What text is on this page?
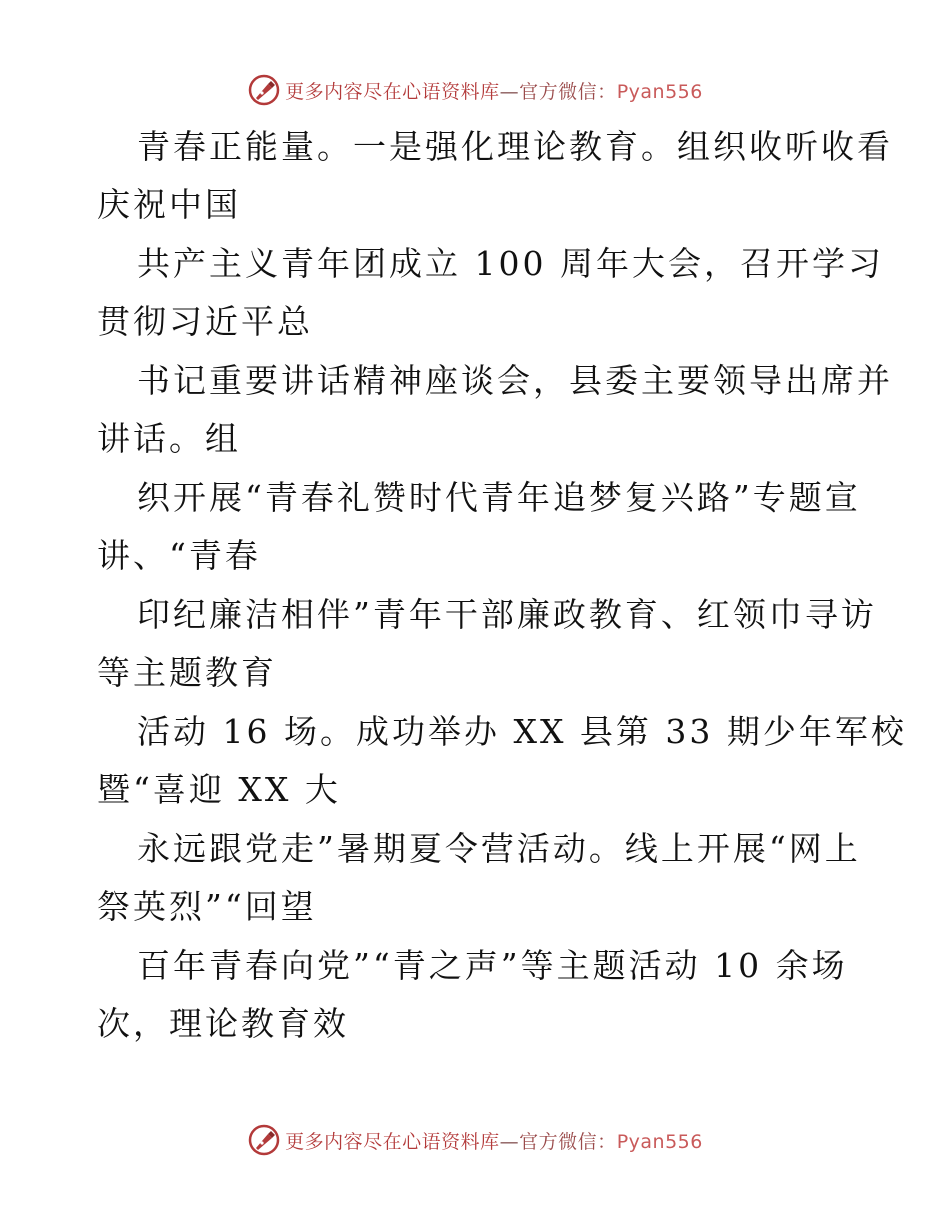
更多内容尽在心语资料库—官方微信：Pyan556
青春正能量。一是强化理论教育。组织收听收看
庆祝中国
共产主义青年团成立 100 周年大会，召开学习
贯彻习近平总
书记重要讲话精神座谈会，县委主要领导出席并
讲话。组
织开展“青春礼赞时代青年追梦复兴路”专题宣
讲、“青春
印纪廉洁相伴”青年干部廉政教育、红领巾寻访
等主题教育
活动 16 场。成功举办 XX 县第 33 期少年军校
暨“喜迎 XX 大
永远跟党走”暑期夏令营活动。线上开展“网上
祭英烈”“回望
百年青春向党”“青之声”等主题活动 10 余场
次，理论教育效
更多内容尽在心语资料库—官方微信：Pyan556
